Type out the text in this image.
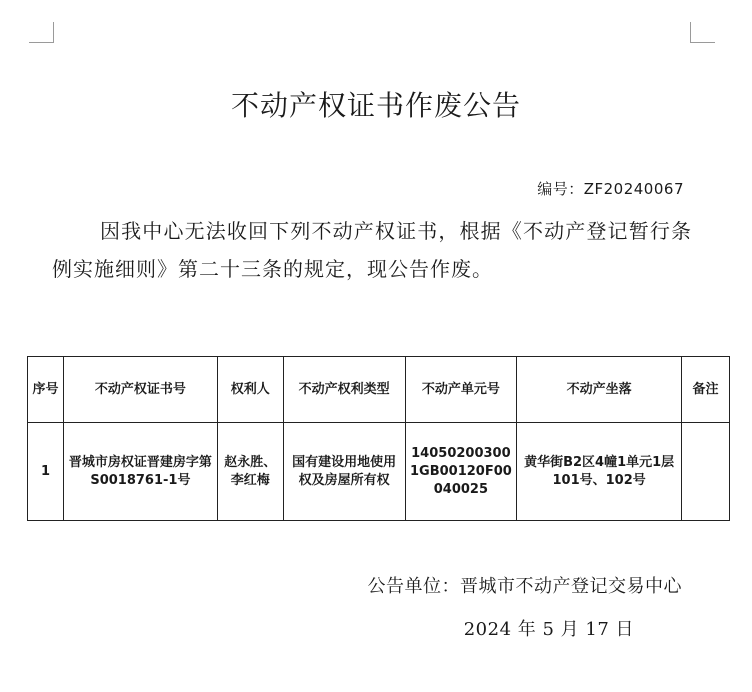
不动产权证书作废公告
编号：ZF20240067
因我中心无法收回下列不动产权证书，根据《不动产登记暂行条例实施细则》第二十三条的规定，现公告作废。
序号	不动产权证书号	权利人	不动产权利类型	不动产单元号	不动产坐落	备注
1	晋城市房权证晋建房字第S0018761-1号	赵永胜、李红梅	国有建设用地使用权及房屋所有权	140502003001GB00120F00040025	黄华街B2区4幢1单元1层101号、102号	
公告单位：晋城市不动产登记交易中心
2024 年 5 月 17 日
